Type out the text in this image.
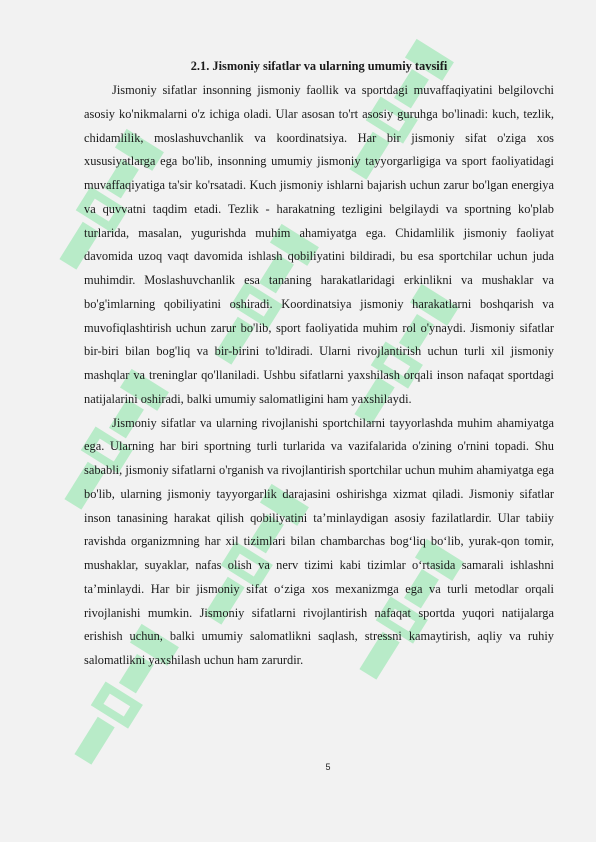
2.1. Jismoniy sifatlar va ularning umumiy tavsifi

Jismoniy sifatlar insonning jismoniy faollik va sportdagi muvaffaqiyatini belgilovchi asosiy ko'nikmalarni o'z ichiga oladi. Ular asosan to'rt asosiy guruhga bo'linadi: kuch, tezlik, chidamlilik, moslashuvchanlik va koordinatsiya. Har bir jismoniy sifat o'ziga xos xususiyatlarga ega bo'lib, insonning umumiy jismoniy tayyorgarligiga va sport faoliyatidagi muvaffaqiyatiga ta'sir ko'rsatadi. Kuch jismoniy ishlarni bajarish uchun zarur bo'lgan energiya va quvvatni taqdim etadi. Tezlik - harakatning tezligini belgilaydi va sportning ko'plab turlarida, masalan, yugurishda muhim ahamiyatga ega. Chidamlilik jismoniy faoliyat davomida uzoq vaqt davomida ishlash qobiliyatini bildiradi, bu esa sportchilar uchun juda muhimdir. Moslashuvchanlik esa tananing harakatlaridagi erkinlikni va mushaklar va bo'g'imlarning qobiliyatini oshiradi. Koordinatsiya jismoniy harakatlarni boshqarish va muvofiqlashtirish uchun zarur bo'lib, sport faoliyatida muhim rol o'ynaydi. Jismoniy sifatlar bir-biri bilan bog'liq va bir-birini to'ldiradi. Ularni rivojlantirish uchun turli xil jismoniy mashqlar va treninglar qo'llaniladi. Ushbu sifatlarni yaxshilash orqali inson nafaqat sportdagi natijalarini oshiradi, balki umumiy salomatligini ham yaxshilaydi.

Jismoniy sifatlar va ularning rivojlanishi sportchilarni tayyorlashda muhim ahamiyatga ega. Ularning har biri sportning turli turlarida va vazifalarida o'zining o'rnini topadi. Shu sababli, jismoniy sifatlarni o'rganish va rivojlantirish sportchilar uchun muhim ahamiyatga ega bo'lib, ularning jismoniy tayyorgarlik darajasini oshirishga xizmat qiladi. Jismoniy sifatlar inson tanasining harakat qilish qobiliyatini ta’minlaydigan asosiy fazilatlardir. Ular tabiiy ravishda organizmning har xil tizimlari bilan chambarchas bog‘liq bo‘lib, yurak-qon tomir, mushaklar, suyaklar, nafas olish va nerv tizimi kabi tizimlar o‘rtasida samarali ishlashni ta’minlaydi. Har bir jismoniy sifat o‘ziga xos mexanizmga ega va turli metodlar orqali rivojlanishi mumkin. Jismoniy sifatlarni rivojlantirish nafaqat sportda yuqori natijalarga erishish uchun, balki umumiy salomatlikni saqlash, stressni kamaytirish, aqliy va ruhiy salomatlikni yaxshilash uchun ham zarurdir.

5
